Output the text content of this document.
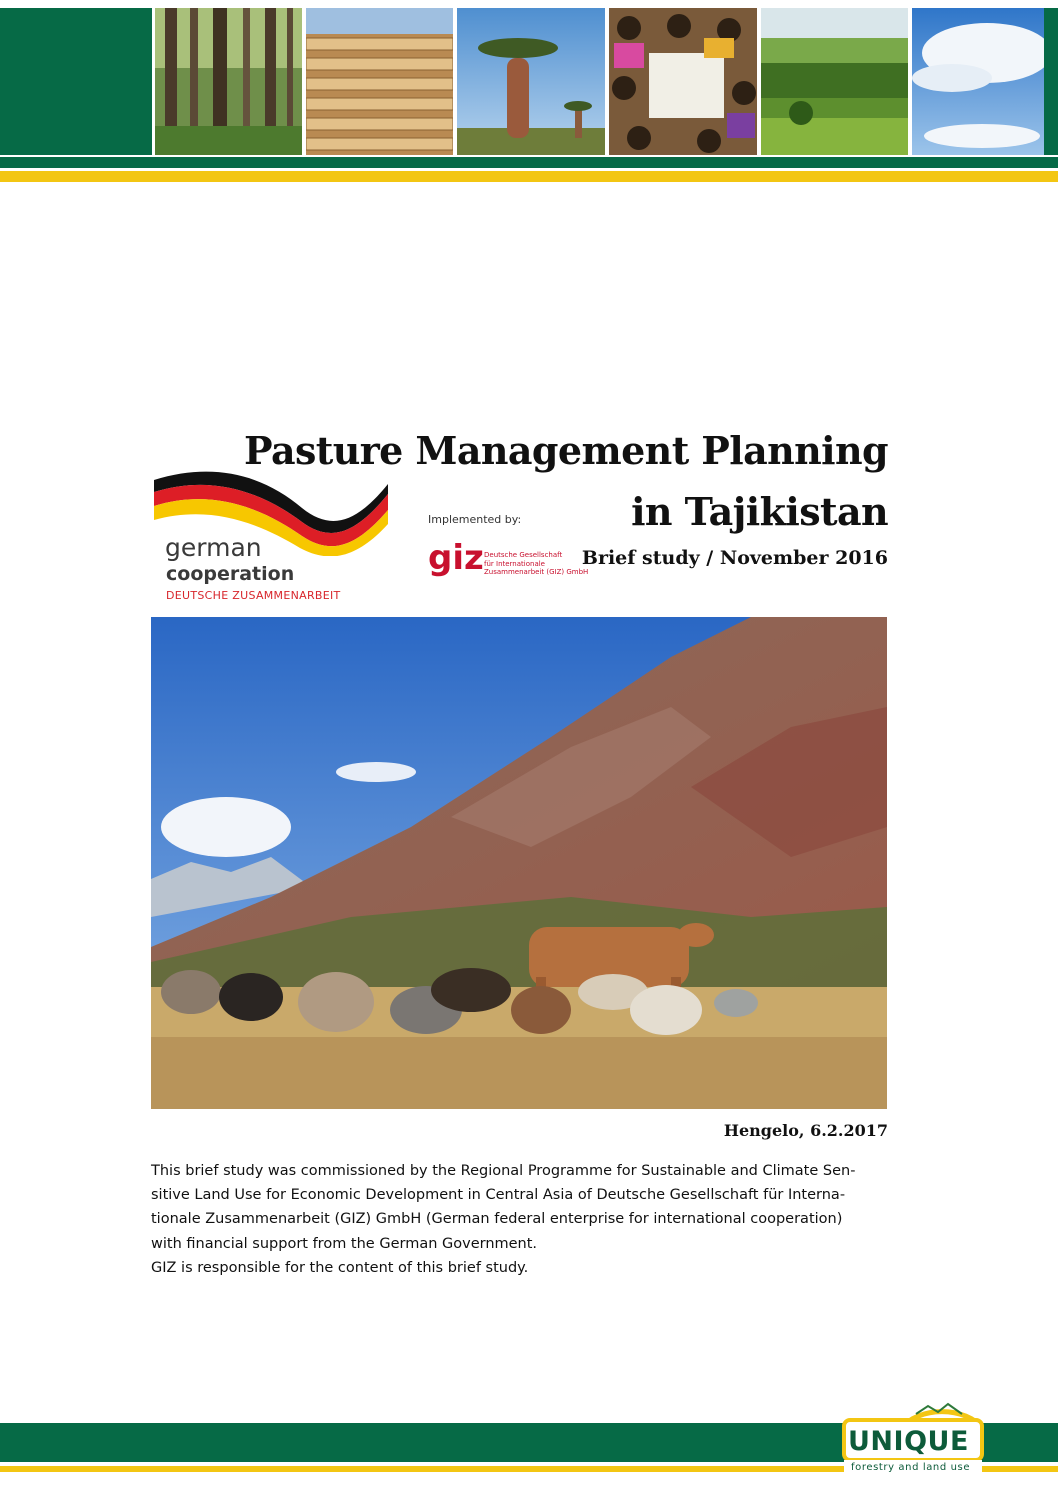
Pasture Management Planning
in Tajikistan
Brief study / November 2016
german
cooperation
DEUTSCHE ZUSAMMENARBEIT
Implemented by:
giz Deutsche Gesellschaft
für Internationale
Zusammenarbeit (GIZ) GmbH
Hengelo, 6.2.2017

This brief study was commissioned by the Regional Programme for Sustainable and Climate Sen-
sitive Land Use for Economic Development in Central Asia of Deutsche Gesellschaft für Interna-
tionale Zusammenarbeit (GIZ) GmbH (German federal enterprise for international cooperation)
with financial support from the German Government.
GIZ is responsible for the content of this brief study.

UNIQUE
forestry and land use
